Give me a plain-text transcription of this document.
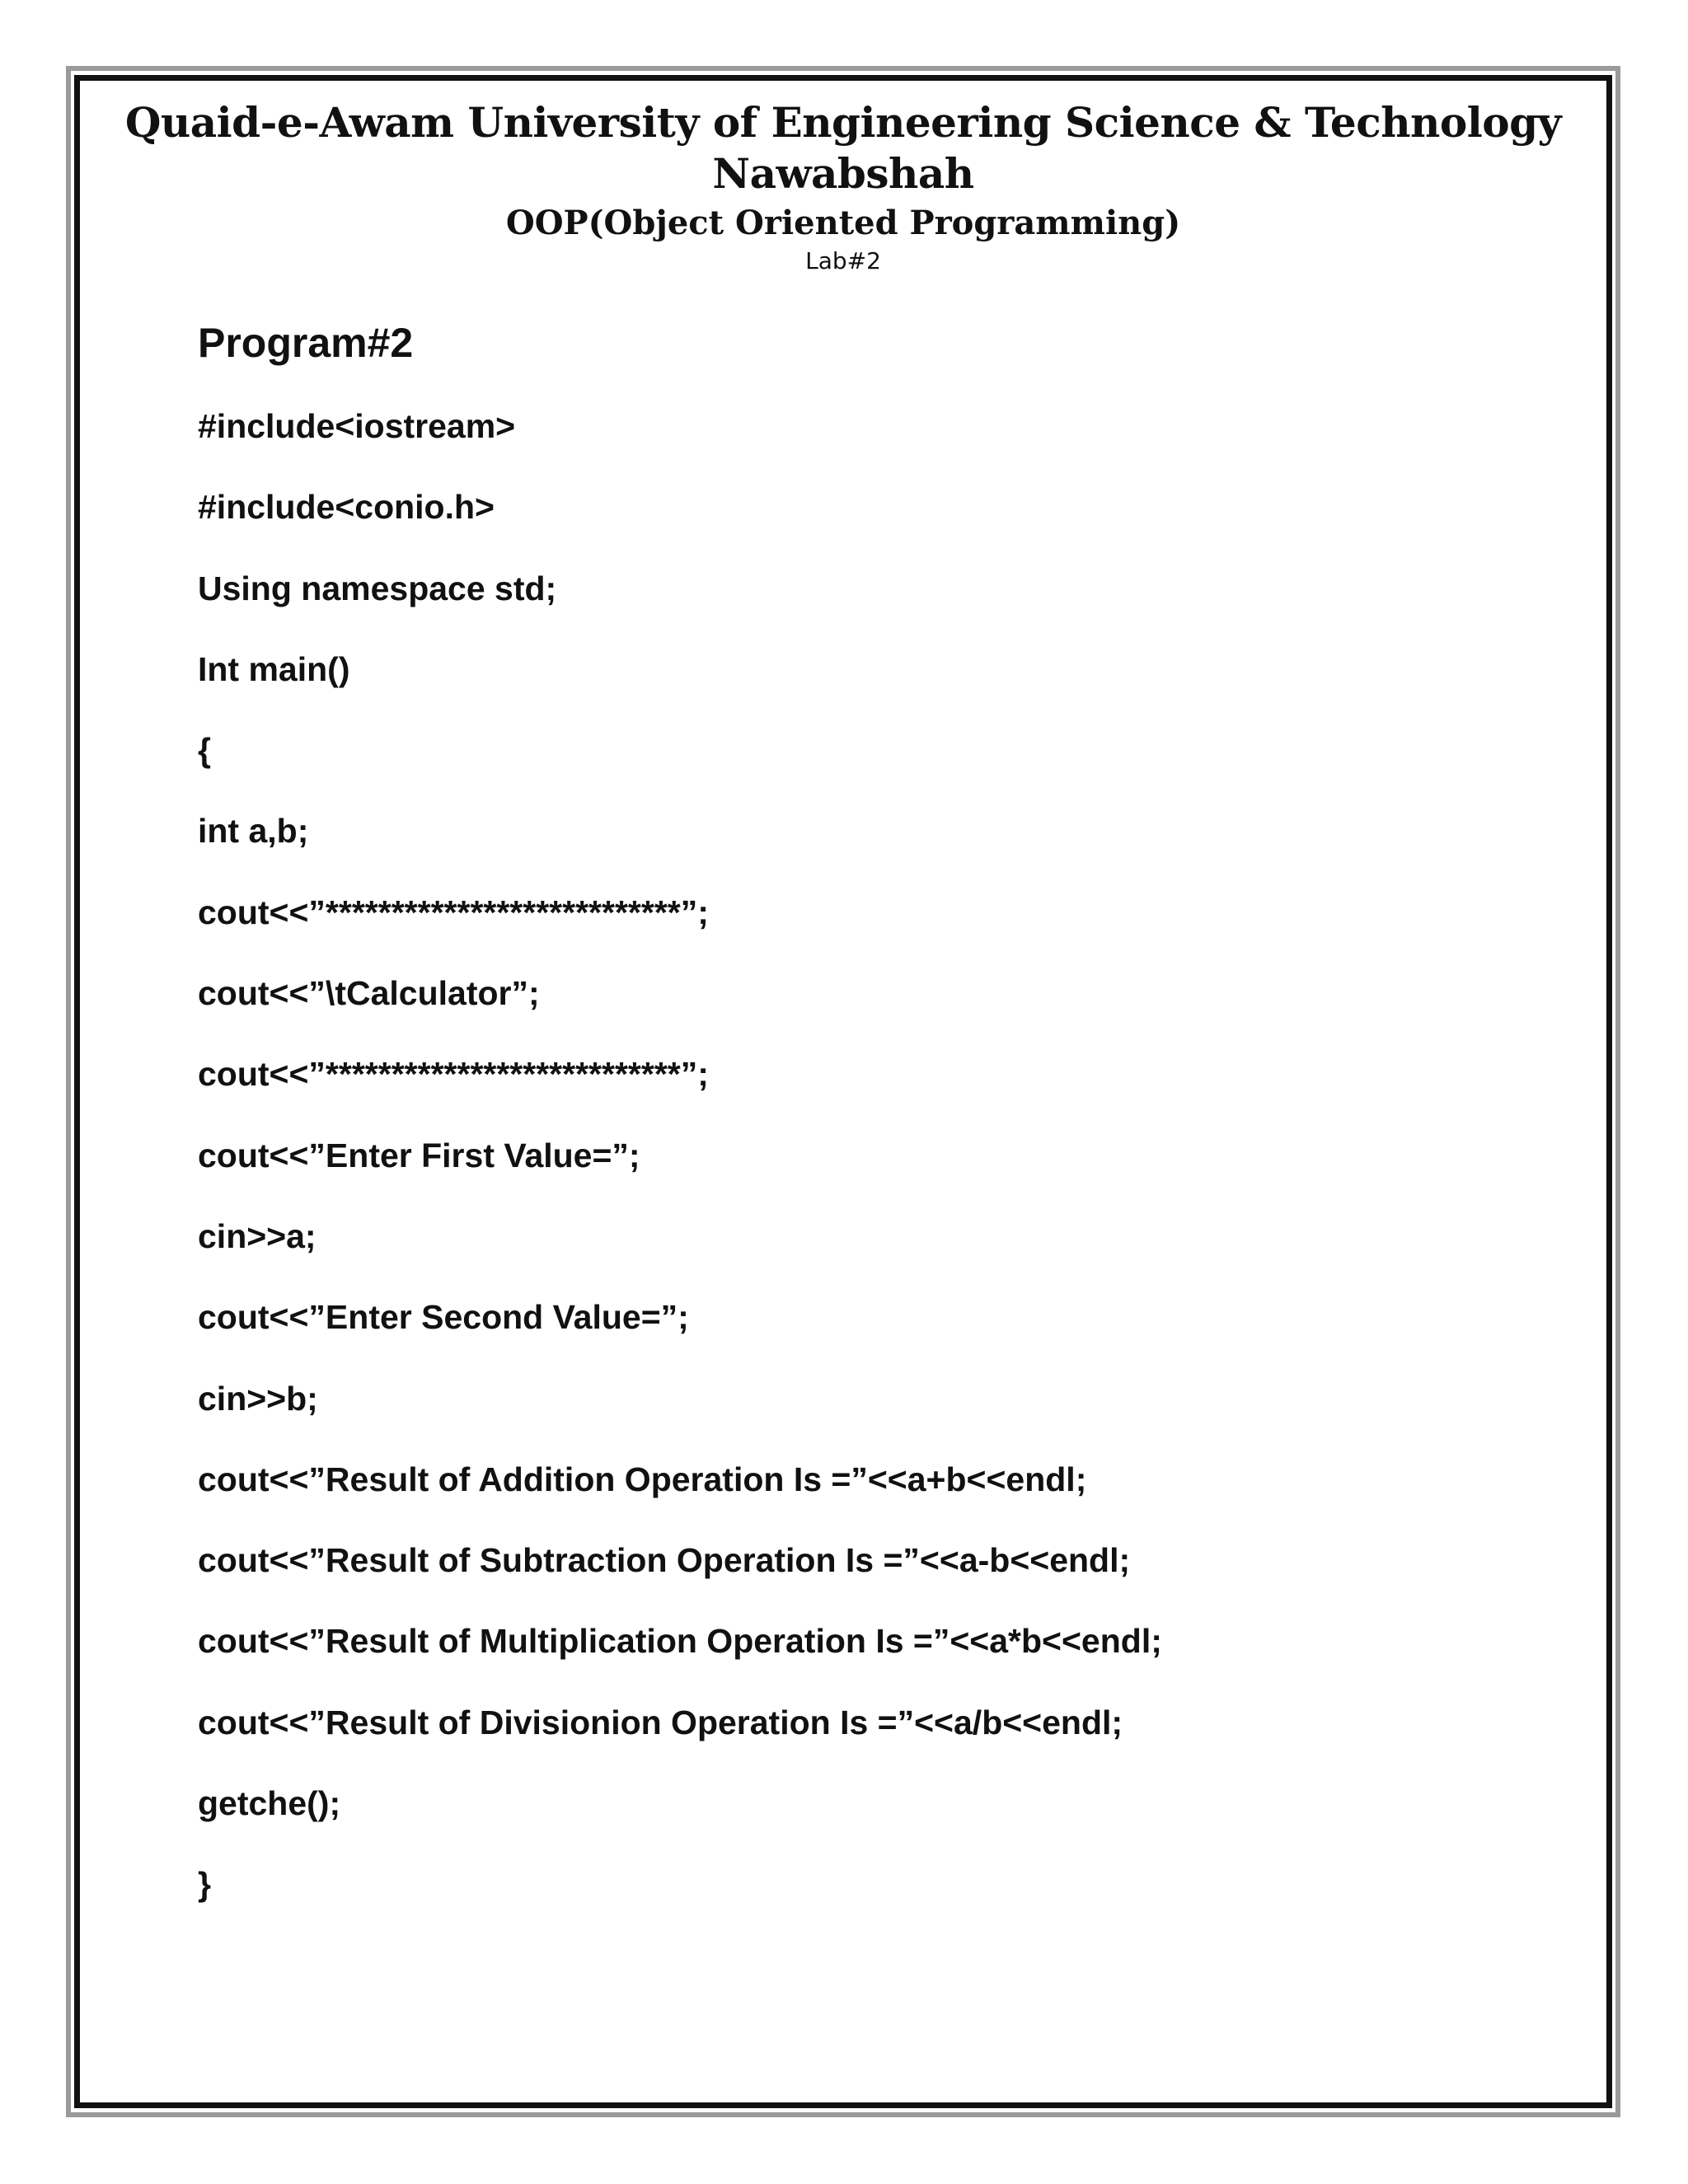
Quaid-e-Awam University of Engineering Science & Technology
Nawabshah
OOP(Object Oriented Programming)
Lab#2
Program#2
#include<iostream>
#include<conio.h>
Using namespace std;
Int main()
{
int a,b;
cout<<”***************************”;
cout<<”\tCalculator”;
cout<<”***************************”;
cout<<”Enter First Value=”;
cin>>a;
cout<<”Enter Second Value=”;
cin>>b;
cout<<”Result of Addition Operation Is =”<<a+b<<endl;
cout<<”Result of Subtraction Operation Is =”<<a-b<<endl;
cout<<”Result of Multiplication Operation Is =”<<a*b<<endl;
cout<<”Result of Divisionion Operation Is =”<<a/b<<endl;
getche();
}
